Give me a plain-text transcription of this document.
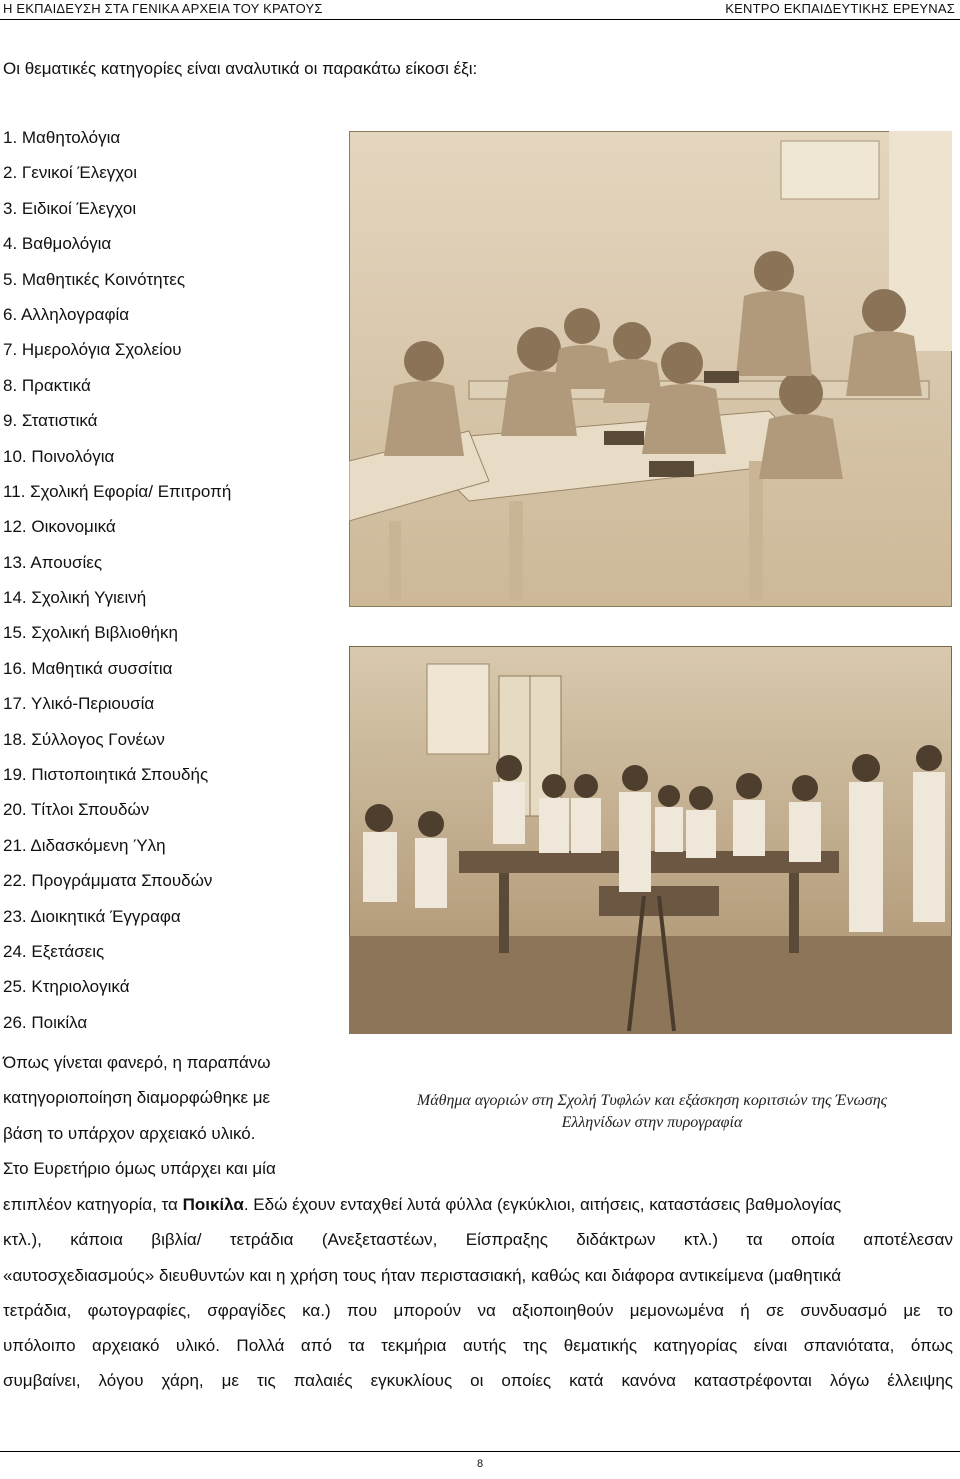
Η ΕΚΠΑΙΔΕΥΣΗ ΣΤΑ ΓΕΝΙΚΑ ΑΡΧΕΙΑ ΤΟΥ ΚΡΑΤΟΥΣ	ΚΕΝΤΡΟ ΕΚΠΑΙΔΕΥΤΙΚΗΣ ΕΡΕΥΝΑΣ
Οι θεματικές κατηγορίες είναι αναλυτικά οι παρακάτω είκοσι έξι:
1. Μαθητολόγια
2. Γενικοί Έλεγχοι
3. Ειδικοί Έλεγχοι
4. Βαθμολόγια
5. Μαθητικές Κοινότητες
6. Αλληλογραφία
7. Ημερολόγια Σχολείου
8. Πρακτικά
9. Στατιστικά
10. Ποινολόγια
11. Σχολική Εφορία/ Επιτροπή
12. Οικονομικά
13. Απουσίες
14. Σχολική Υγιεινή
15. Σχολική Βιβλιοθήκη
16. Μαθητικά συσσίτια
17. Υλικό-Περιουσία
18. Σύλλογος Γονέων
19. Πιστοποιητικά Σπουδής
20. Τίτλοι Σπουδών
21. Διδασκόμενη Ύλη
22. Προγράμματα Σπουδών
23. Διοικητικά Έγγραφα
24. Εξετάσεις
25. Κτηριολογικά
26. Ποικίλα
Όπως γίνεται φανερό, η παραπάνω
κατηγοριοποίηση διαμορφώθηκε με
βάση το υπάρχον αρχειακό υλικό.
Στο Ευρετήριο όμως υπάρχει και μία
Μάθημα αγοριών στη Σχολή Τυφλών και εξάσκηση κοριτσιών της Ένωσης
Ελληνίδων στην πυρογραφία
επιπλέον κατηγορία, τα Ποικίλα. Εδώ έχουν ενταχθεί λυτά φύλλα (εγκύκλιοι, αιτήσεις, καταστάσεις βαθμολογίας
κτλ.), κάποια βιβλία/ τετράδια (Ανεξεταστέων, Είσπραξης διδάκτρων κτλ.) τα οποία αποτέλεσαν
«αυτοσχεδιασμούς» διευθυντών και η χρήση τους ήταν περιστασιακή, καθώς και διάφορα αντικείμενα (μαθητικά
τετράδια, φωτογραφίες, σφραγίδες κα.) που μπορούν να αξιοποιηθούν μεμονωμένα ή σε συνδυασμό με το
υπόλοιπο αρχειακό υλικό. Πολλά από τα τεκμήρια αυτής της θεματικής κατηγορίας είναι σπανιότατα, όπως
συμβαίνει, λόγου χάρη, με τις παλαιές εγκυκλίους οι οποίες κατά κανόνα καταστρέφονται λόγω έλλειψης
8
